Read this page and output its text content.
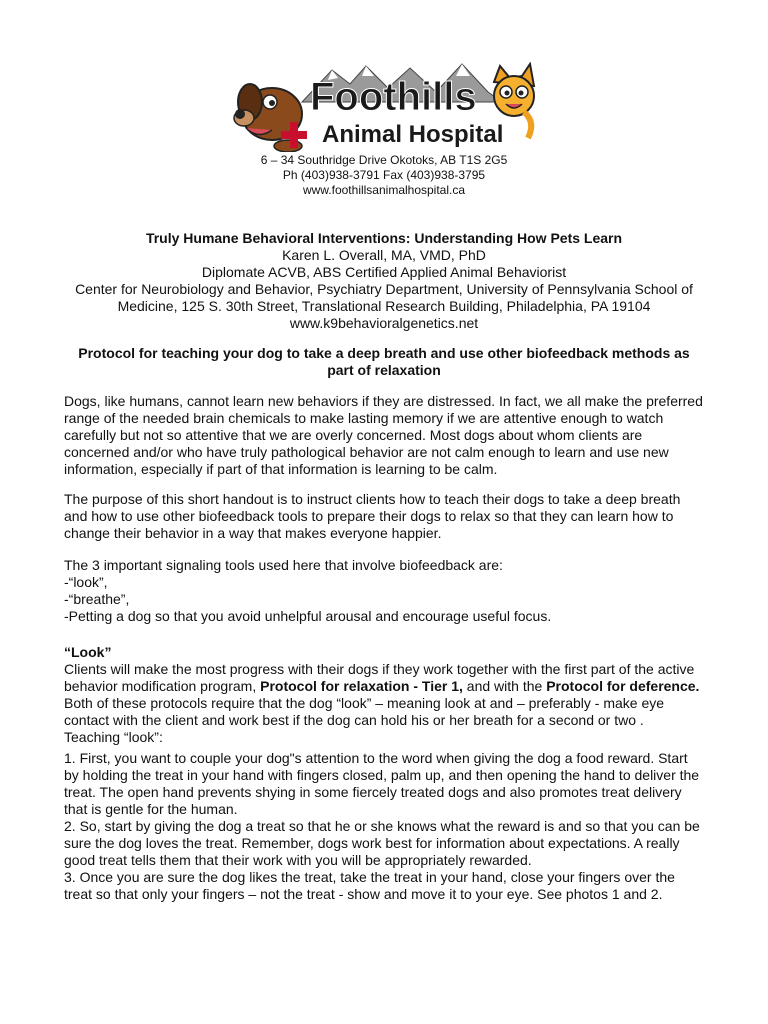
Foothills
Animal Hospital
6 – 34 Southridge Drive Okotoks, AB T1S 2G5
Ph (403)938-3791 Fax (403)938-3795
www.foothillsanimalhospital.ca
Truly Humane Behavioral Interventions: Understanding How Pets Learn
Karen L. Overall, MA, VMD, PhD
Diplomate ACVB, ABS Certified Applied Animal Behaviorist
Center for Neurobiology and Behavior, Psychiatry Department, University of Pennsylvania School of Medicine, 125 S. 30th Street, Translational Research Building, Philadelphia, PA 19104
www.k9behavioralgenetics.net
Protocol for teaching your dog to take a deep breath and use other biofeedback methods as part of relaxation
Dogs, like humans, cannot learn new behaviors if they are distressed. In fact, we all make the preferred range of the needed brain chemicals to make lasting memory if we are attentive enough to watch carefully but not so attentive that we are overly concerned. Most dogs about whom clients are concerned and/or who have truly pathological behavior are not calm enough to learn and use new information, especially if part of that information is learning to be calm.
The purpose of this short handout is to instruct clients how to teach their dogs to take a deep breath and how to use other biofeedback tools to prepare their dogs to relax so that they can learn how to change their behavior in a way that makes everyone happier.

The 3 important signaling tools used here that involve biofeedback are:

-“look”,

-“breathe”,

-Petting a dog so that you avoid unhelpful arousal and encourage useful focus.

“Look”

Clients will make the most progress with their dogs if they work together with the first part of the active behavior modification program, Protocol for relaxation - Tier 1, and with the Protocol for deference. Both of these protocols require that the dog “look” – meaning look at and – preferably - make eye contact with the client and work best if the dog can hold his or her breath for a second or two .

Teaching “look”:

1. First, you want to couple your dog"s attention to the word when giving the dog a food reward. Start by holding the treat in your hand with fingers closed, palm up, and then opening the hand to deliver the treat. The open hand prevents shying in some fiercely treated dogs and also promotes treat delivery that is gentle for the human.

2. So, start by giving the dog a treat so that he or she knows what the reward is and so that you can be sure the dog loves the treat. Remember, dogs work best for information about expectations. A really good treat tells them that their work with you will be appropriately rewarded.

3. Once you are sure the dog likes the treat, take the treat in your hand, close your fingers over the treat so that only your fingers – not the treat - show and move it to your eye. See photos 1 and 2.
